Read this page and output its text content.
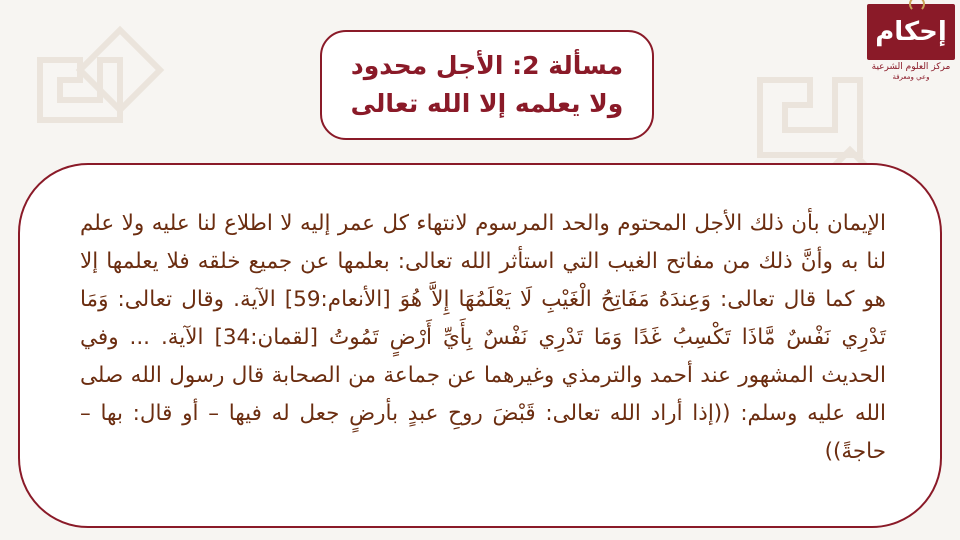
إحكام
مركز العلوم الشرعية
وعي ومعرفة
مسألة 2: الأجل محدود
ولا يعلمه إلا الله تعالى
الإيمان بأن ذلك الأجل المحتوم والحد المرسوم لانتهاء كل عمر إليه لا اطلاع لنا عليه ولا علم لنا به وأنَّ ذلك من مفاتح الغيب التي استأثر الله تعالى: بعلمها عن جميع خلقه فلا يعلمها إلا هو كما قال تعالى: وَعِندَهُ مَفَاتِحُ الْغَيْبِ لَا يَعْلَمُهَا إِلاَّ هُوَ [الأنعام:59] الآية. وقال تعالى: وَمَا تَدْرِي نَفْسٌ مَّاذَا تَكْسِبُ غَدًا وَمَا تَدْرِي نَفْسٌ بِأَيِّ أَرْضٍ تَمُوتُ [لقمان:34] الآية. ... وفي الحديث المشهور عند أحمد والترمذي وغيرهما عن جماعة من الصحابة قال رسول الله صلى الله عليه وسلم: ((إذا أراد الله تعالى: قَبْضَ روحِ عبدٍ بأرضٍ جعل له فيها – أو قال: بها – حاجةً))
